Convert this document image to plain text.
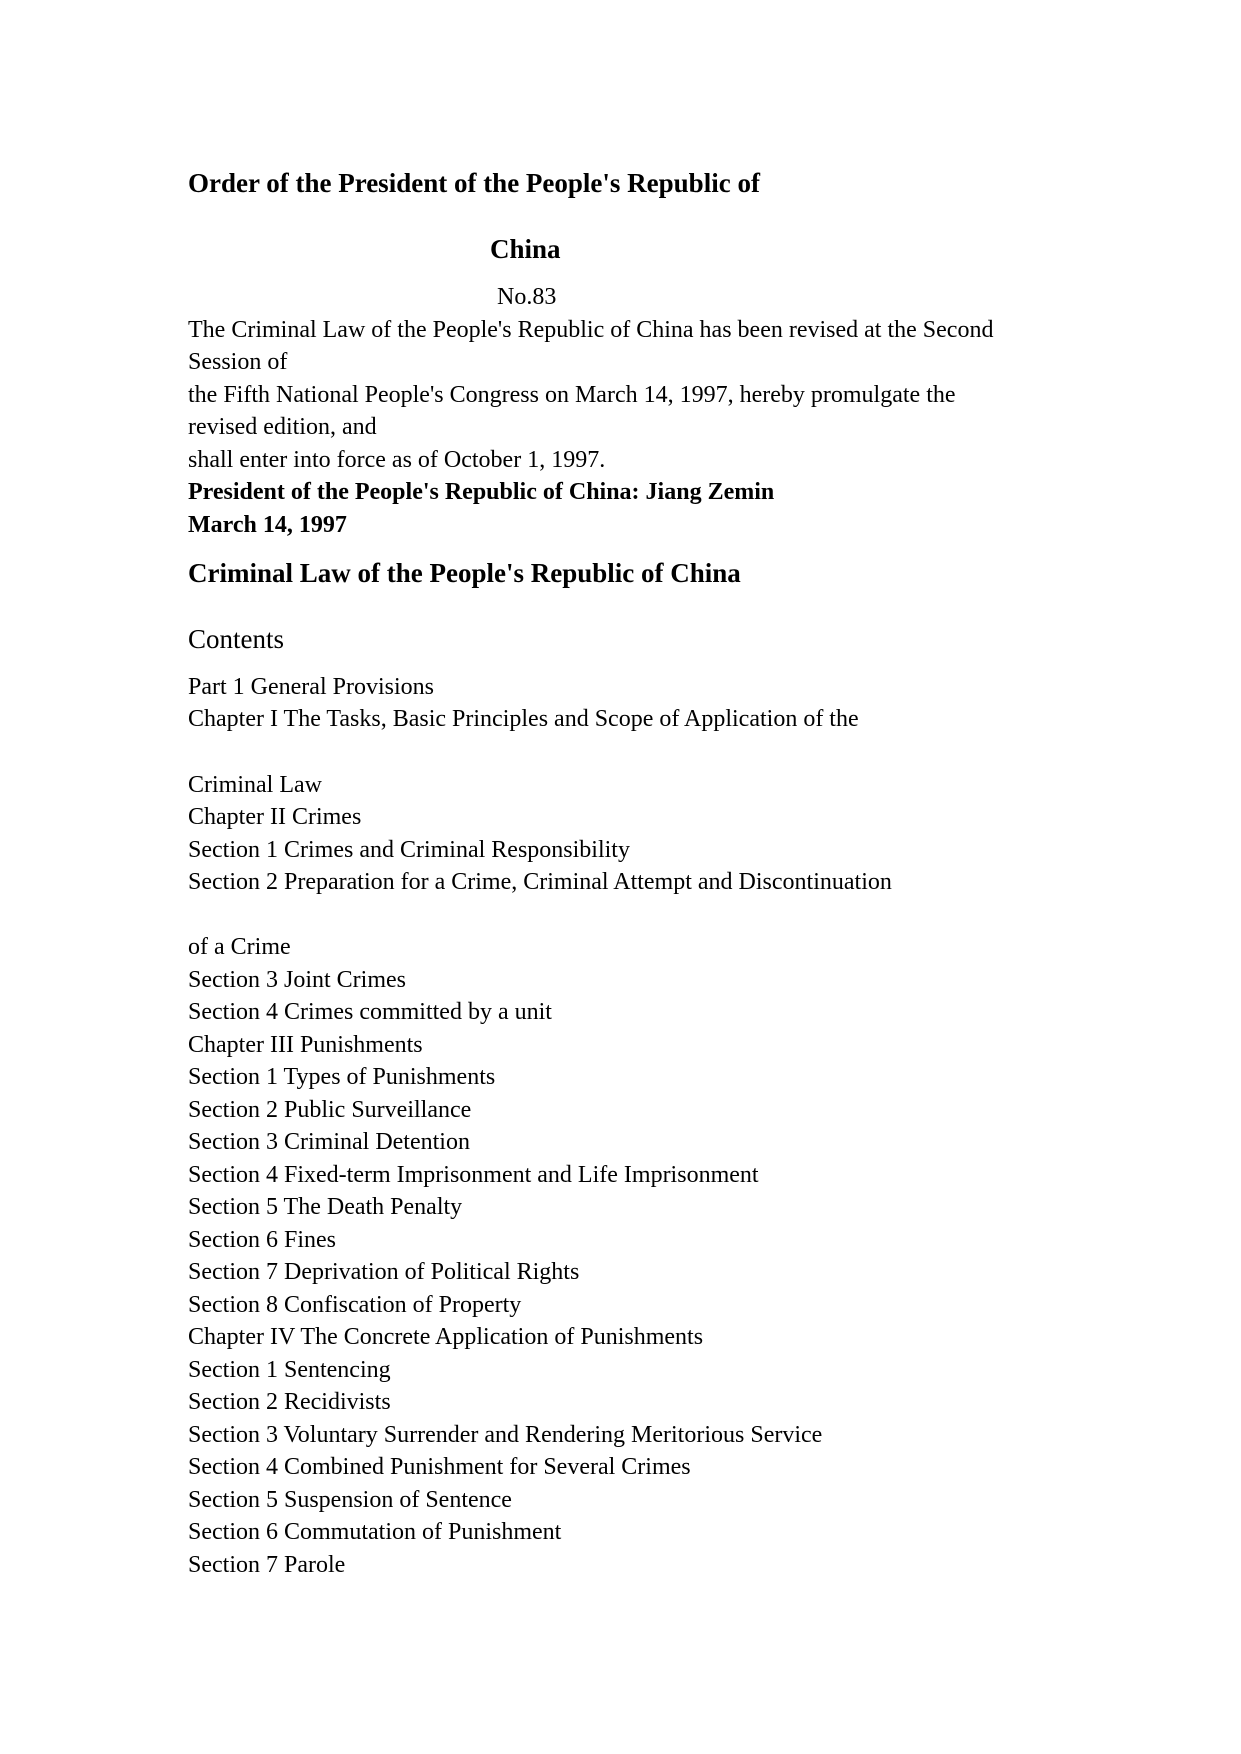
Order of the President of the People's Republic of
China
No.83
The Criminal Law of the People's Republic of China has been revised at the Second
Session of
the Fifth National People's Congress on March 14, 1997, hereby promulgate the
revised edition, and
shall enter into force as of October 1, 1997.
President of the People's Republic of China: Jiang Zemin
March 14, 1997
Criminal Law of the People's Republic of China
Contents
Part 1 General Provisions
Chapter I The Tasks, Basic Principles and Scope of Application of the
Criminal Law
Chapter II Crimes
Section 1 Crimes and Criminal Responsibility
Section 2 Preparation for a Crime, Criminal Attempt and Discontinuation
of a Crime
Section 3 Joint Crimes
Section 4 Crimes committed by a unit
Chapter III Punishments
Section 1 Types of Punishments
Section 2 Public Surveillance
Section 3 Criminal Detention
Section 4 Fixed-term Imprisonment and Life Imprisonment
Section 5 The Death Penalty
Section 6 Fines
Section 7 Deprivation of Political Rights
Section 8 Confiscation of Property
Chapter IV The Concrete Application of Punishments
Section 1 Sentencing
Section 2 Recidivists
Section 3 Voluntary Surrender and Rendering Meritorious Service
Section 4 Combined Punishment for Several Crimes
Section 5 Suspension of Sentence
Section 6 Commutation of Punishment
Section 7 Parole
